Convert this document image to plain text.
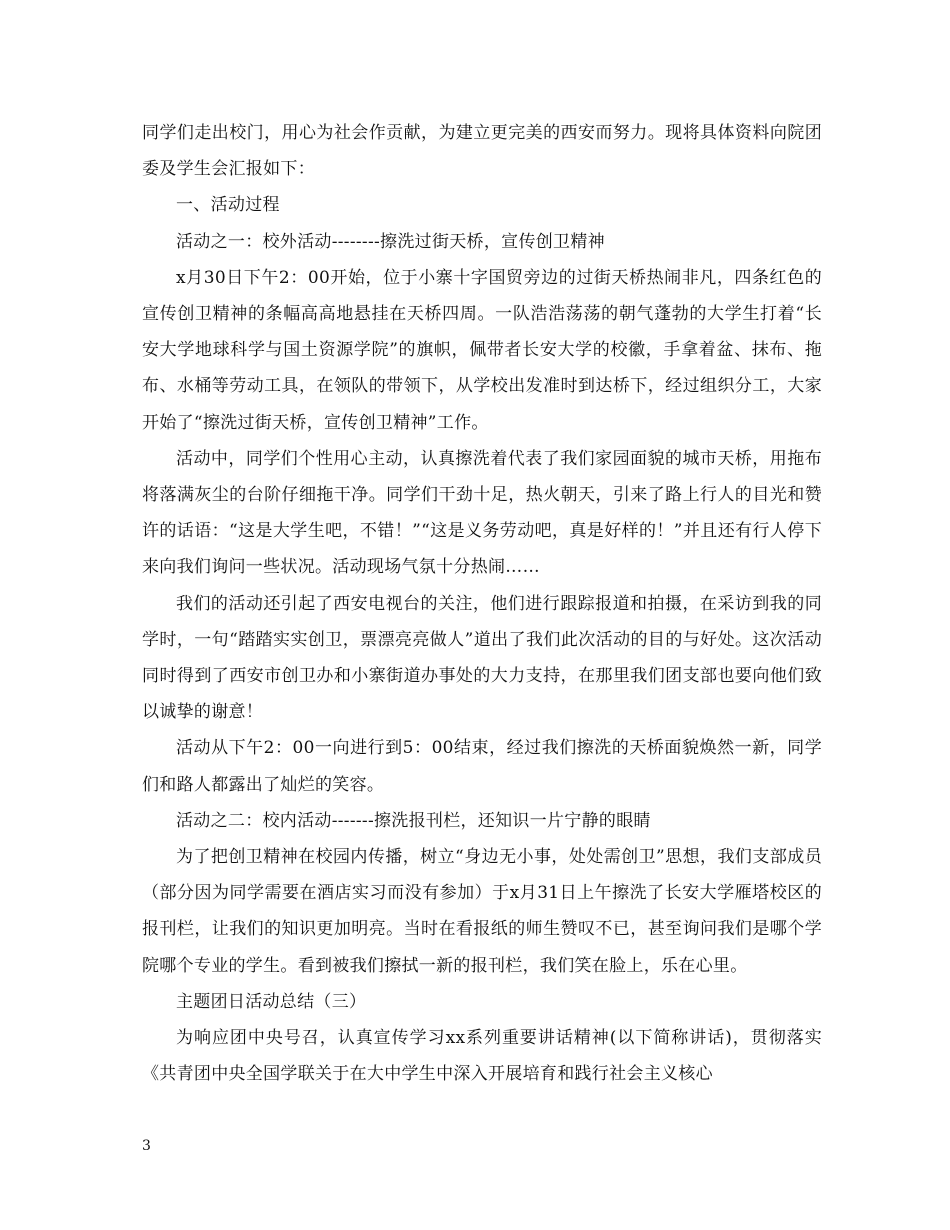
同学们走出校门，用心为社会作贡献，为建立更完美的西安而努力。现将具体资料向院团委及学生会汇报如下：

一、活动过程

活动之一：校外活动--------擦洗过街天桥，宣传创卫精神

x月30日下午2：00开始，位于小寨十字国贸旁边的过街天桥热闹非凡，四条红色的宣传创卫精神的条幅高高地悬挂在天桥四周。一队浩浩荡荡的朝气蓬勃的大学生打着“长安大学地球科学与国土资源学院”的旗帜，佩带者长安大学的校徽，手拿着盆、抹布、拖布、水桶等劳动工具，在领队的带领下，从学校出发准时到达桥下，经过组织分工，大家开始了“擦洗过街天桥，宣传创卫精神”工作。

活动中，同学们个性用心主动，认真擦洗着代表了我们家园面貌的城市天桥，用拖布将落满灰尘的台阶仔细拖干净。同学们干劲十足，热火朝天，引来了路上行人的目光和赞许的话语：“这是大学生吧，不错！”“这是义务劳动吧，真是好样的！”并且还有行人停下来向我们询问一些状况。活动现场气氛十分热闹……

我们的活动还引起了西安电视台的关注，他们进行跟踪报道和拍摄，在采访到我的同学时，一句“踏踏实实创卫，票漂亮亮做人”道出了我们此次活动的目的与好处。这次活动同时得到了西安市创卫办和小寨街道办事处的大力支持，在那里我们团支部也要向他们致以诚挚的谢意！

活动从下午2：00一向进行到5：00结束，经过我们擦洗的天桥面貌焕然一新，同学们和路人都露出了灿烂的笑容。

活动之二：校内活动-------擦洗报刊栏，还知识一片宁静的眼睛

为了把创卫精神在校园内传播，树立“身边无小事，处处需创卫”思想，我们支部成员（部分因为同学需要在酒店实习而没有参加）于x月31日上午擦洗了长安大学雁塔校区的报刊栏，让我们的知识更加明亮。当时在看报纸的师生赞叹不已，甚至询问我们是哪个学院哪个专业的学生。看到被我们擦拭一新的报刊栏，我们笑在脸上，乐在心里。

主题团日活动总结（三）

为响应团中央号召，认真宣传学习xx系列重要讲话精神(以下简称讲话)，贯彻落实《共青团中央全国学联关于在大中学生中深入开展培育和践行社会主义核心

3
